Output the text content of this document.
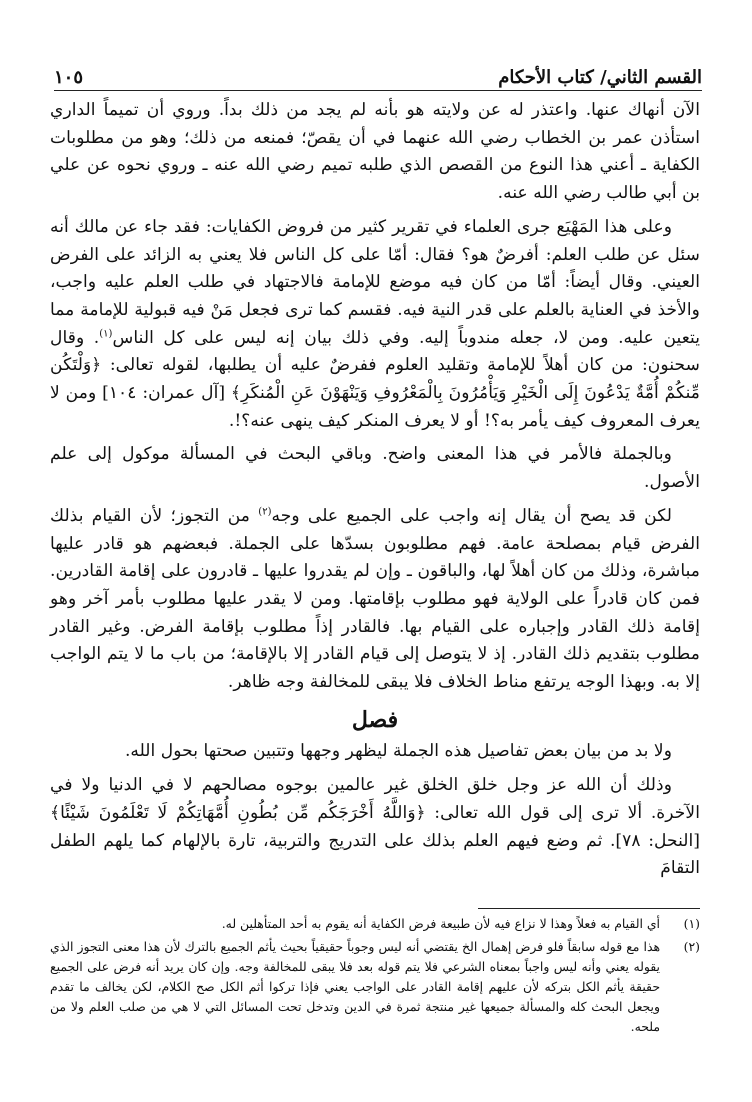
القسم الثاني/ كتاب الأحكام
١٠٥

الآن أنهاك عنها. واعتذر له عن ولايته هو بأنه لم يجد من ذلك بداً. وروي أن تميماً الداري استأذن عمر بن الخطاب رضي الله عنهما في أن يقصّ؛ فمنعه من ذلك؛ وهو من مطلوبات الكفاية ـ أعني هذا النوع من القصص الذي طلبه تميم رضي الله عنه ـ وروي نحوه عن علي بن أبي طالب رضي الله عنه.

وعلى هذا المَهْيَع جرى العلماء في تقرير كثير من فروض الكفايات: فقد جاء عن مالك أنه سئل عن طلب العلم: أفرضٌ هو؟ فقال: أمّا على كل الناس فلا يعني به الزائد على الفرض العيني. وقال أيضاً: أمّا من كان فيه موضع للإمامة فالاجتهاد في طلب العلم عليه واجب، والأخذ في العناية بالعلم على قدر النية فيه. فقسم كما ترى فجعل مَنْ فيه قبولية للإمامة مما يتعين عليه. ومن لا، جعله مندوباً إليه. وفي ذلك بيان إنه ليس على كل الناس$^{(١)}$. وقال سحنون: من كان أهلاً للإمامة وتقليد العلوم ففرضٌ عليه أن يطلبها، لقوله تعالى: ﴿وَلْتَكُن مِّنكُمْ أُمَّةٌ يَدْعُونَ إِلَى الْخَيْرِ وَيَأْمُرُونَ بِالْمَعْرُوفِ وَيَنْهَوْنَ عَنِ الْمُنكَرِ﴾ [آل عمران: ١٠٤] ومن لا يعرف المعروف كيف يأمر به؟! أو لا يعرف المنكر كيف ينهى عنه؟!.

وبالجملة فالأمر في هذا المعنى واضح. وباقي البحث في المسألة موكول إلى علم الأصول.

لكن قد يصح أن يقال إنه واجب على الجميع على وجه$^{(٢)}$ من التجوز؛ لأن القيام بذلك الفرض قيام بمصلحة عامة. فهم مطلوبون بسدّها على الجملة. فبعضهم هو قادر عليها مباشرة، وذلك من كان أهلاً لها، والباقون ـ وإن لم يقدروا عليها ـ قادرون على إقامة القادرين. فمن كان قادراً على الولاية فهو مطلوب بإقامتها. ومن لا يقدر عليها مطلوب بأمر آخر وهو إقامة ذلك القادر وإجباره على القيام بها. فالقادر إذاً مطلوب بإقامة الفرض. وغير القادر مطلوب بتقديم ذلك القادر. إذ لا يتوصل إلى قيام القادر إلا بالإقامة؛ من باب ما لا يتم الواجب إلا به. وبهذا الوجه يرتفع مناط الخلاف فلا يبقى للمخالفة وجه ظاهر.

فصل

ولا بد من بيان بعض تفاصيل هذه الجملة ليظهر وجهها وتتبين صحتها بحول الله.

وذلك أن الله عز وجل خلق الخلق غير عالمين بوجوه مصالحهم لا في الدنيا ولا في الآخرة. ألا ترى إلى قول الله تعالى: ﴿وَاللَّهُ أَخْرَجَكُم مِّن بُطُونِ أُمَّهَاتِكُمْ لَا تَعْلَمُونَ شَيْئًا﴾ [النحل: ٧٨]. ثم وضع فيهم العلم بذلك على التدريج والتربية، تارة بالإلهام كما يلهم الطفل التقامَ

(١)
أي القيام به فعلاً وهذا لا نزاع فيه لأن طبيعة فرض الكفاية أنه يقوم به أحد المتأهلين له.
(٢)
هذا مع قوله سابقاً فلو فرض إهمال الخ يقتضي أنه ليس وجوباً حقيقياً بحيث يأثم الجميع بالترك لأن هذا معنى التجوز الذي يقوله يعني وأنه ليس واجباً بمعناه الشرعي فلا يتم قوله بعد فلا يبقى للمخالفة وجه. وإن كان يريد أنه فرض على الجميع حقيقة يأثم الكل بتركه لأن عليهم إقامة القادر على الواجب يعني فإذا تركوا أثم الكل صح الكلام، لكن يخالف ما تقدم ويجعل البحث كله والمسألة جميعها غير منتجة ثمرة في الدين وتدخل تحت المسائل التي لا هي من صلب العلم ولا من ملحه.
